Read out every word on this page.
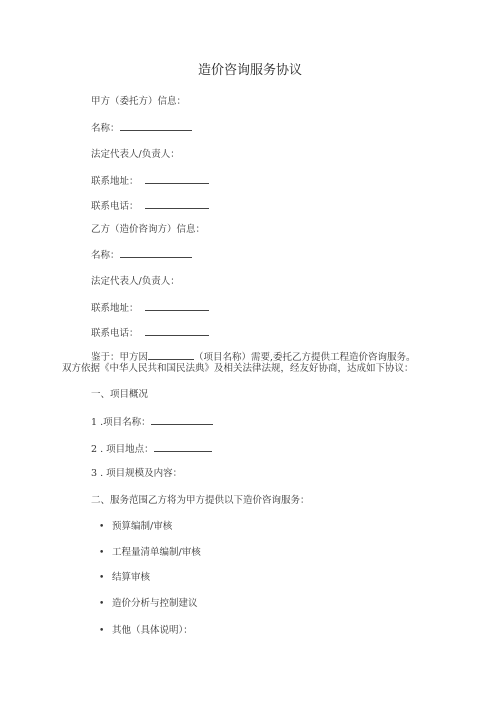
造价咨询服务协议
甲方（委托方）信息：
名称：
法定代表人/负责人：
联系地址：
联系电话：
乙方（造价咨询方）信息：
名称：
法定代表人/负责人：
联系地址：
联系电话：
鉴于：甲方因	（项目名称）需要,委托乙方提供工程造价咨询服务。
双方依据《中华人民共和国民法典》及相关法律法规，经友好协商，达成如下协议：
一、项目概况
1 .项目名称：
2 . 项目地点：
3 . 项目规模及内容：
二、服务范围乙方将为甲方提供以下造价咨询服务：
• 预算编制/审核
• 工程量清单编制/审核
• 结算审核
• 造价分析与控制建议
• 其他（具体说明）：
